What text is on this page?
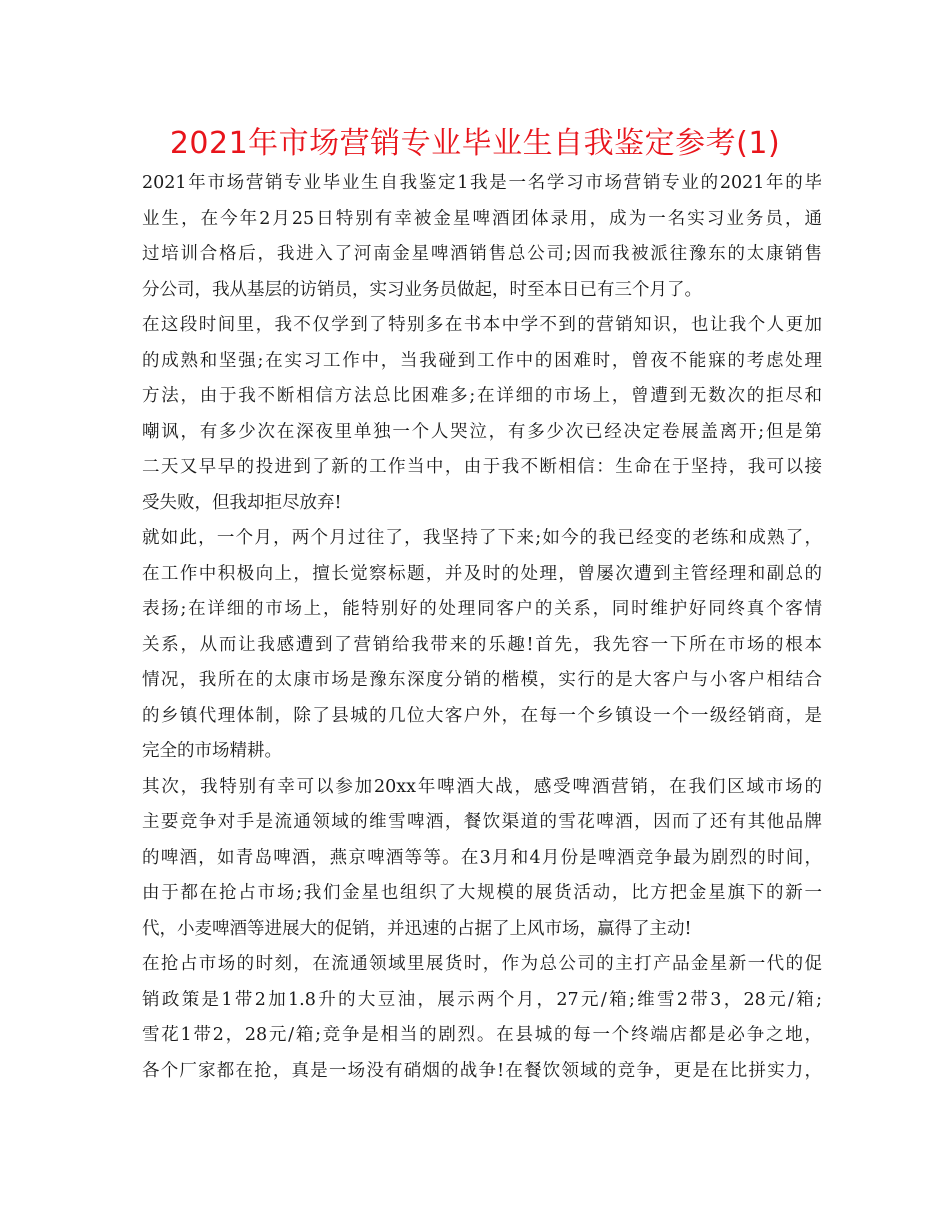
2021年市场营销专业毕业生自我鉴定参考(1)
2021年市场营销专业毕业生自我鉴定1我是一名学习市场营销专业的2021年的毕
业生，在今年2月25日特别有幸被金星啤酒团体录用，成为一名实习业务员，通
过培训合格后，我进入了河南金星啤酒销售总公司;因而我被派往豫东的太康销售
分公司，我从基层的访销员，实习业务员做起，时至本日已有三个月了。
在这段时间里，我不仅学到了特别多在书本中学不到的营销知识，也让我个人更加
的成熟和坚强;在实习工作中，当我碰到工作中的困难时，曾夜不能寐的考虑处理
方法，由于我不断相信方法总比困难多;在详细的市场上，曾遭到无数次的拒尽和
嘲讽，有多少次在深夜里单独一个人哭泣，有多少次已经决定卷展盖离开;但是第
二天又早早的投进到了新的工作当中，由于我不断相信：生命在于坚持，我可以接
受失败，但我却拒尽放弃!
就如此，一个月，两个月过往了，我坚持了下来;如今的我已经变的老练和成熟了，
在工作中积极向上，擅长觉察标题，并及时的处理，曾屡次遭到主管经理和副总的
表扬;在详细的市场上，能特别好的处理同客户的关系，同时维护好同终真个客情
关系，从而让我感遭到了营销给我带来的乐趣!首先，我先容一下所在市场的根本
情况，我所在的太康市场是豫东深度分销的楷模，实行的是大客户与小客户相结合
的乡镇代理体制，除了县城的几位大客户外，在每一个乡镇设一个一级经销商，是
完全的市场精耕。
其次，我特别有幸可以参加20xx年啤酒大战，感受啤酒营销，在我们区域市场的
主要竞争对手是流通领域的维雪啤酒，餐饮渠道的雪花啤酒，因而了还有其他品牌
的啤酒，如青岛啤酒，燕京啤酒等等。在3月和4月份是啤酒竞争最为剧烈的时间，
由于都在抢占市场;我们金星也组织了大规模的展货活动，比方把金星旗下的新一
代，小麦啤酒等进展大的促销，并迅速的占据了上风市场，赢得了主动!
在抢占市场的时刻，在流通领域里展货时，作为总公司的主打产品金星新一代的促
销政策是1带2加1.8升的大豆油，展示两个月，27元/箱;维雪2带3，28元/箱;
雪花1带2，28元/箱;竞争是相当的剧烈。在县城的每一个终端店都是必争之地，
各个厂家都在抢，真是一场没有硝烟的战争!在餐饮领域的竞争，更是在比拼实力，
